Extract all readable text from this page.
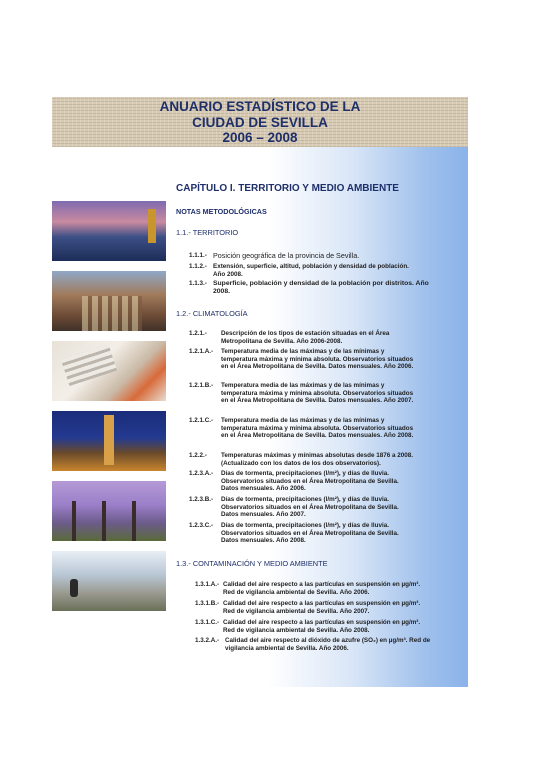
ANUARIO ESTADÍSTICO DE LA
CIUDAD DE SEVILLA
2006 – 2008
CAPÍTULO I. TERRITORIO Y MEDIO AMBIENTE
NOTAS METODOLÓGICAS
1.1.- TERRITORIO
1.1.1.- Posición geográfica de la provincia de Sevilla.
1.1.2.- Extensión, superficie, altitud, población y densidad de población. Año 2008.
1.1.3.- Superficie, población y densidad de la población por distritos. Año 2008.
1.2.- CLIMATOLOGÍA
1.2.1.- Descripción de los tipos de estación situadas en el Área Metropolitana de Sevilla. Año 2006-2008.
1.2.1.A.- Temperatura media de las máximas y de las mínimas y temperatura máxima y mínima absoluta. Observatorios situados en el Área Metropolitana de Sevilla. Datos mensuales. Año 2006.
1.2.1.B.- Temperatura media de las máximas y de las mínimas y temperatura máxima y mínima absoluta. Observatorios situados en el Área Metropolitana de Sevilla. Datos mensuales. Año 2007.
1.2.1.C.- Temperatura media de las máximas y de las mínimas y temperatura máxima y mínima absoluta. Observatorios situados en el Área Metropolitana de Sevilla. Datos mensuales. Año 2008.
1.2.2.- Temperaturas máximas y mínimas absolutas desde 1876 a 2008. (Actualizado con los datos de los dos observatorios).
1.2.3.A.- Días de tormenta, precipitaciones (l/m²), y días de lluvia. Observatorios situados en el Área Metropolitana de Sevilla. Datos mensuales. Año 2006.
1.2.3.B.- Días de tormenta, precipitaciones (l/m²), y días de lluvia. Observatorios situados en el Área Metropolitana de Sevilla. Datos mensuales. Año 2007.
1.2.3.C.- Días de tormenta, precipitaciones (l/m²), y días de lluvia. Observatorios situados en el Área Metropolitana de Sevilla. Datos mensuales. Año 2008.
1.3.- CONTAMINACIÓN Y MEDIO AMBIENTE
1.3.1.A.- Calidad del aire respecto a las partículas en suspensión en µg/m³. Red de vigilancia ambiental de Sevilla. Año 2006.
1.3.1.B.- Calidad del aire respecto a las partículas en suspensión en µg/m³. Red de vigilancia ambiental de Sevilla. Año 2007.
1.3.1.C.- Calidad del aire respecto a las partículas en suspensión en µg/m³. Red de vigilancia ambiental de Sevilla. Año 2008.
1.3.2.A.- Calidad del aire respecto al dióxido de azufre (SO₂) en µg/m³. Red de vigilancia ambiental de Sevilla. Año 2006.
